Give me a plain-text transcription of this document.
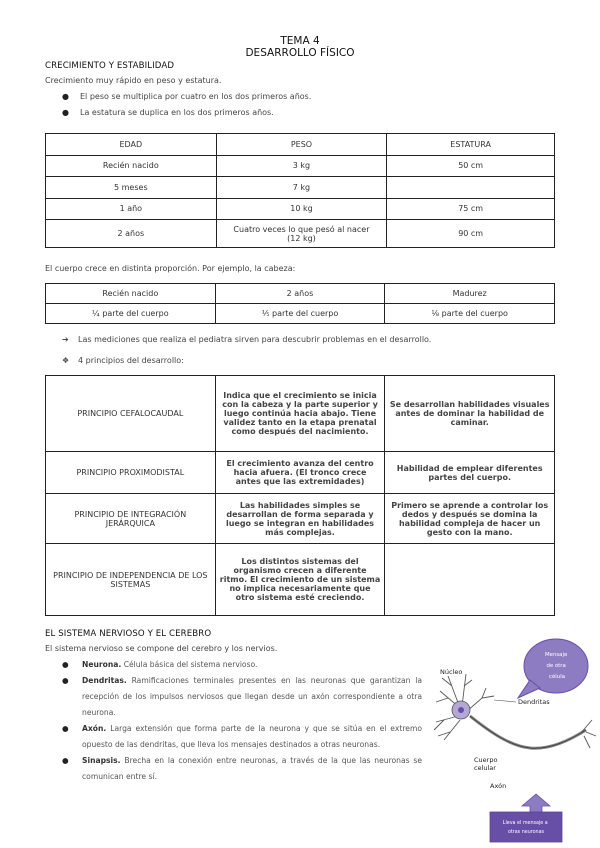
TEMA 4
DESARROLLO FÍSICO
CRECIMIENTO Y ESTABILIDAD
Crecimiento muy rápido en peso y estatura.
● El peso se multiplica por cuatro en los dos primeros años.
● La estatura se duplica en los dos primeros años.
EDAD	PESO	ESTATURA
Recién nacido	3 kg	50 cm
5 meses	7 kg	
1 año	10 kg	75 cm
2 años	Cuatro veces lo que pesó al nacer (12 kg)	90 cm
El cuerpo crece en distinta proporción. Por ejemplo, la cabeza:
Recién nacido	2 años	Madurez
¼ parte del cuerpo	⅕ parte del cuerpo	⅛ parte del cuerpo
➔ Las mediciones que realiza el pediatra sirven para descubrir problemas en el desarrollo.
❖ 4 principios del desarrollo:
PRINCIPIO CEFALOCAUDAL	Indica que el crecimiento se inicia con la cabeza y la parte superior y luego continúa hacia abajo. Tiene validez tanto en la etapa prenatal como después del nacimiento.	Se desarrollan habilidades visuales antes de dominar la habilidad de caminar.
PRINCIPIO PROXIMODISTAL	El crecimiento avanza del centro hacia afuera. (El tronco crece antes que las extremidades)	Habilidad de emplear diferentes partes del cuerpo.
PRINCIPIO DE INTEGRACIÓN JERÁRQUICA	Las habilidades simples se desarrollan de forma separada y luego se integran en habilidades más complejas.	Primero se aprende a controlar los dedos y después se domina la habilidad compleja de hacer un gesto con la mano.
PRINCIPIO DE INDEPENDENCIA DE LOS SISTEMAS	Los distintos sistemas del organismo crecen a diferente ritmo. El crecimiento de un sistema no implica necesariamente que otro sistema esté creciendo.	
EL SISTEMA NERVIOSO Y EL CEREBRO
El sistema nervioso se compone del cerebro y los nervios.
● Neurona. Célula básica del sistema nervioso.
● Dendritas. Ramificaciones terminales presentes en las neuronas que garantizan la recepción de los impulsos nerviosos que llegan desde un axón correspondiente a otra neurona.
● Axón. Larga extensión que forma parte de la neurona y que se sitúa en el extremo opuesto de las dendritas, que lleva los mensajes destinados a otras neuronas.
● Sinapsis. Brecha en la conexión entre neuronas, a través de la que las neuronas se comunican entre sí.
Núcleo
Dendritas
Cuerpo celular
Axón
Mensaje de otra célula
Lleva el mensaje a otras neuronas
